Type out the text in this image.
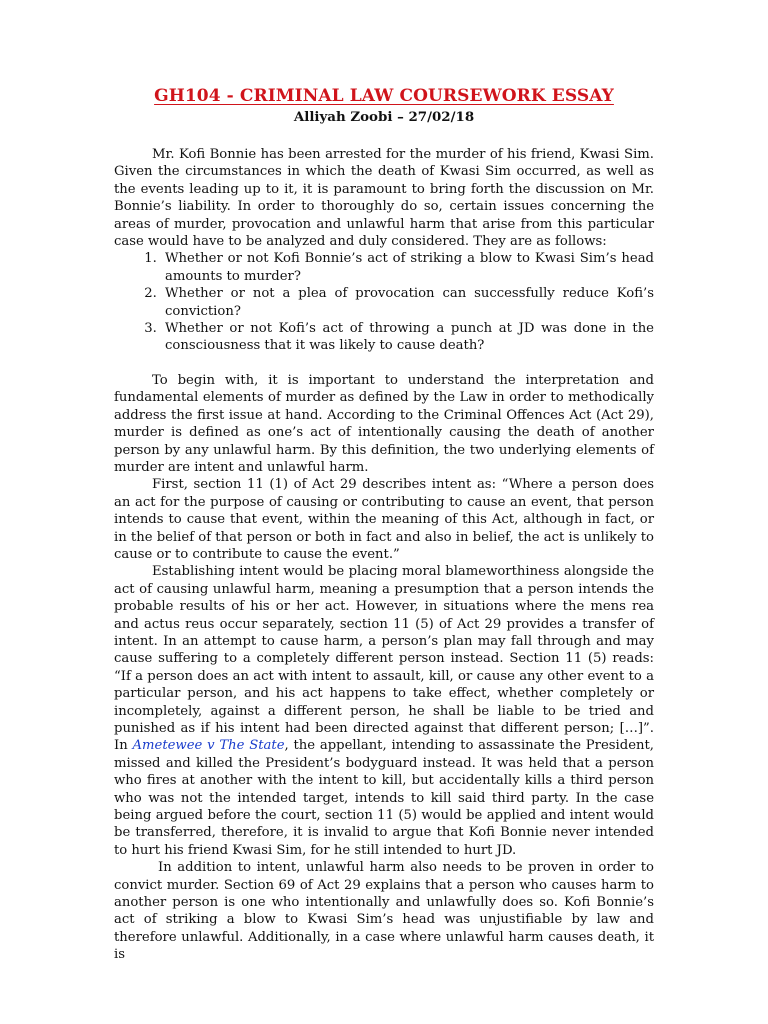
GH104 - CRIMINAL LAW COURSEWORK ESSAY
Alliyah Zoobi – 27/02/18

Mr. Kofi Bonnie has been arrested for the murder of his friend, Kwasi Sim. Given the circumstances in which the death of Kwasi Sim occurred, as well as the events leading up to it, it is paramount to bring forth the discussion on Mr. Bonnie’s liability. In order to thoroughly do so, certain issues concerning the areas of murder, provocation and unlawful harm that arise from this particular case would have to be analyzed and duly considered. They are as follows:

1. Whether or not Kofi Bonnie’s act of striking a blow to Kwasi Sim’s head amounts to murder?
2. Whether or not a plea of provocation can successfully reduce Kofi’s conviction?
3. Whether or not Kofi’s act of throwing a punch at JD was done in the consciousness that it was likely to cause death?

To begin with, it is important to understand the interpretation and fundamental elements of murder as defined by the Law in order to methodically address the first issue at hand. According to the Criminal Offences Act (Act 29), murder is defined as one’s act of intentionally causing the death of another person by any unlawful harm. By this definition, the two underlying elements of murder are intent and unlawful harm.

First, section 11 (1) of Act 29 describes intent as: “Where a person does an act for the purpose of causing or contributing to cause an event, that person intends to cause that event, within the meaning of this Act, although in fact, or in the belief of that person or both in fact and also in belief, the act is unlikely to cause or to contribute to cause the event.”

Establishing intent would be placing moral blameworthiness alongside the act of causing unlawful harm, meaning a presumption that a person intends the probable results of his or her act. However, in situations where the mens rea and actus reus occur separately, section 11 (5) of Act 29 provides a transfer of intent. In an attempt to cause harm, a person’s plan may fall through and may cause suffering to a completely different person instead. Section 11 (5) reads: “If a person does an act with intent to assault, kill, or cause any other event to a particular person, and his act happens to take effect, whether completely or incompletely, against a different person, he shall be liable to be tried and punished as if his intent had been directed against that different person; […]”. In Ametewee v The State, the appellant, intending to assassinate the President, missed and killed the President’s bodyguard instead. It was held that a person who fires at another with the intent to kill, but accidentally kills a third person who was not the intended target, intends to kill said third party. In the case being argued before the court, section 11 (5) would be applied and intent would be transferred, therefore, it is invalid to argue that Kofi Bonnie never intended to hurt his friend Kwasi Sim, for he still intended to hurt JD.

In addition to intent, unlawful harm also needs to be proven in order to convict murder. Section 69 of Act 29 explains that a person who causes harm to another person is one who intentionally and unlawfully does so. Kofi Bonnie’s act of striking a blow to Kwasi Sim’s head was unjustifiable by law and therefore unlawful. Additionally, in a case where unlawful harm causes death, it is
